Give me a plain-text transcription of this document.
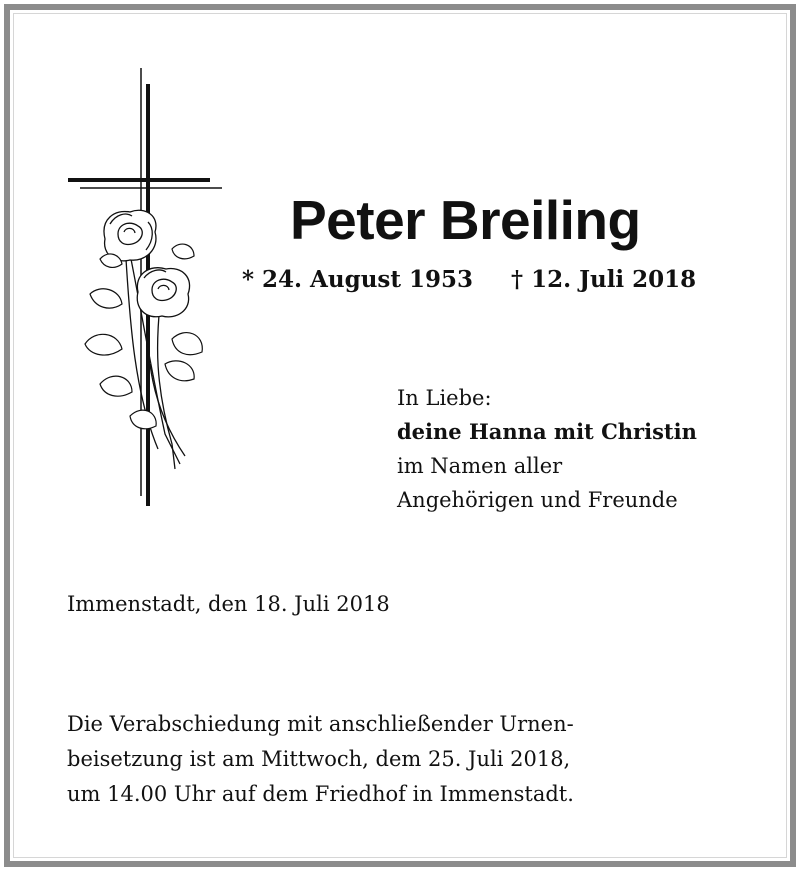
Peter Breiling
* 24. August 1953 † 12. Juli 2018
In Liebe:
deine Hanna mit Christin
im Namen aller
Angehörigen und Freunde
Immenstadt, den 18. Juli 2018
Die Verabschiedung mit anschließender Urnen-
beisetzung ist am Mittwoch, dem 25. Juli 2018,
um 14.00 Uhr auf dem Friedhof in Immenstadt.
